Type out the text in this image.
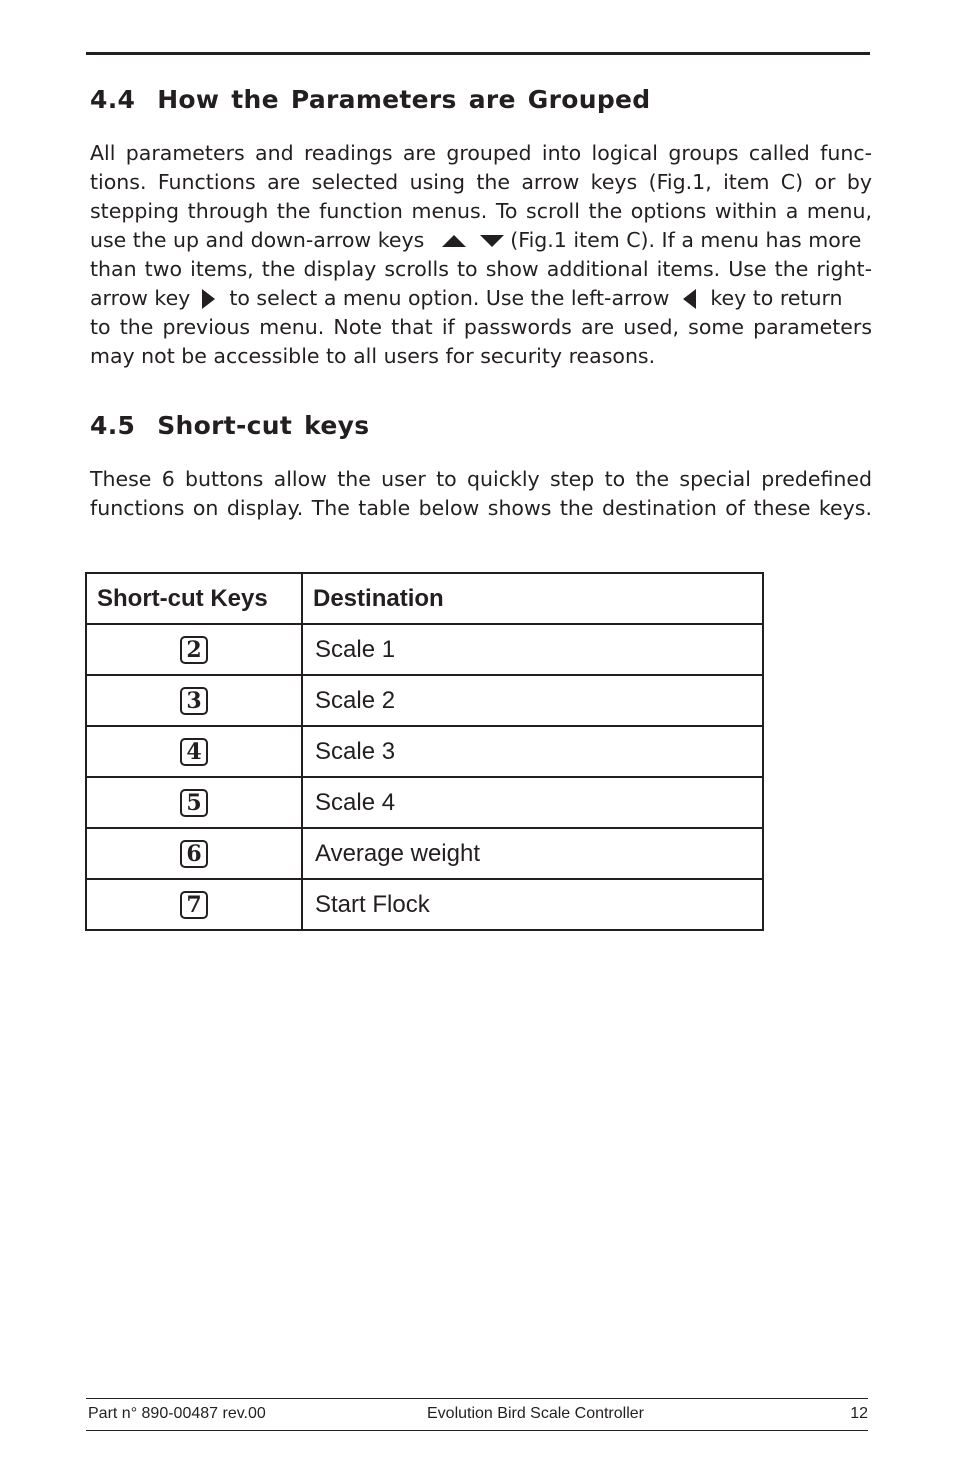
4.4 How the Parameters are Grouped
All parameters and readings are grouped into logical groups called func-
tions. Functions are selected using the arrow keys (Fig.1, item C) or by
stepping through the function menus. To scroll the options within a menu,
use the up and down-arrow keys	(Fig.1 item C). If a menu has more
than two items, the display scrolls to show additional items. Use the right-
arrow key to select a menu option. Use the left-arrow key to return
to the previous menu. Note that if passwords are used, some parameters
may not be accessible to all users for security reasons.
4.5 Short-cut keys
These 6 buttons allow the user to quickly step to the special predefined
functions on display. The table below shows the destination of these keys.
Short-cut Keys	Destination
2	Scale 1
3	Scale 2
4	Scale 3
5	Scale 4
6	Average weight
7	Start Flock
Part n° 890-00487 rev.00	Evolution Bird Scale Controller	12
